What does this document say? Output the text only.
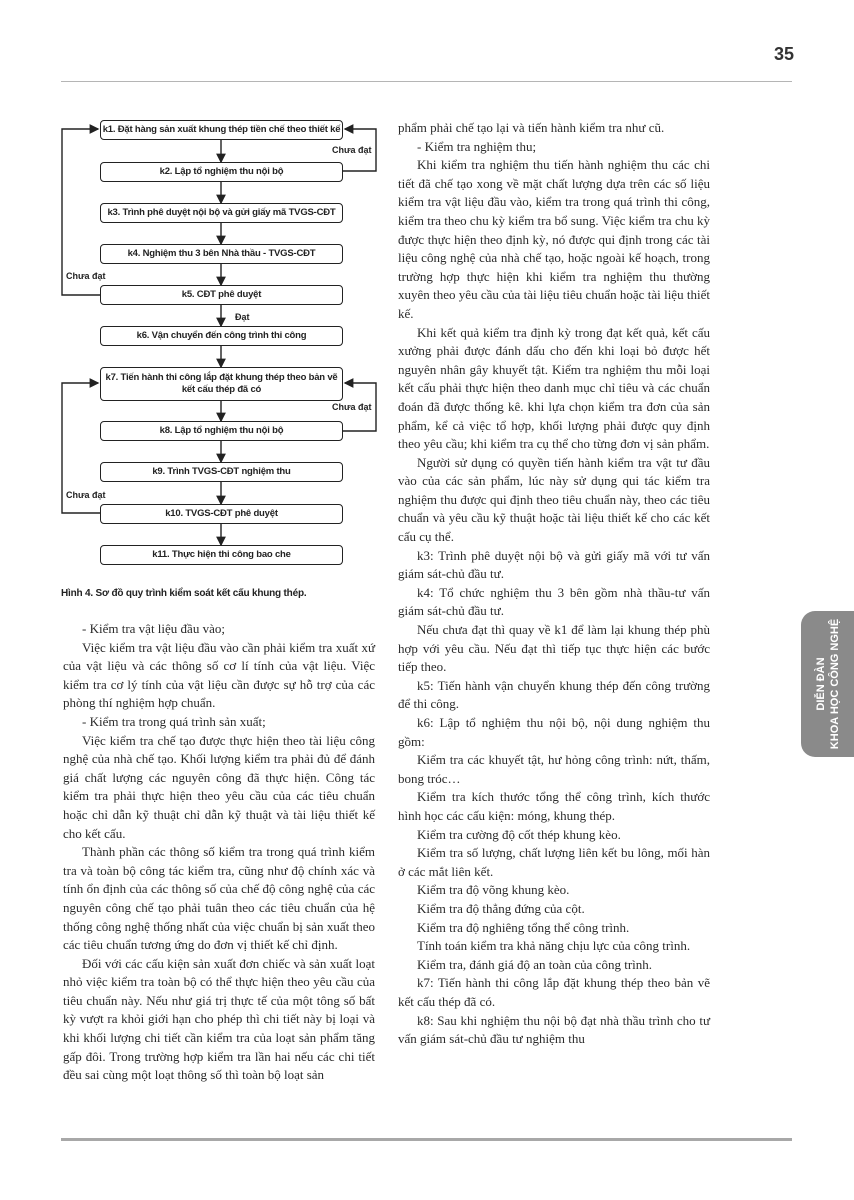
35
k1. Đặt hàng sản xuất khung thép tiền chế theo thiết kế
k2. Lập tổ nghiệm thu nội bộ
k3. Trình phê duyệt nội bộ và gửi giấy mã TVGS-CĐT
k4. Nghiệm thu 3 bên Nhà thầu - TVGS-CĐT
k5. CĐT phê duyệt
k6. Vận chuyển đến công trình thi công
k7. Tiến hành thi công lắp đặt khung thép theo bản vẽ kết cấu thép đã có
k8. Lập tổ nghiệm thu nội bộ
k9. Trình TVGS-CĐT nghiệm thu
k10. TVGS-CĐT phê duyệt
k11. Thực hiện thi công bao che
Chưa đạt
Chưa đạt
Đạt
Chưa đạt
Chưa đạt
Hình 4. Sơ đồ quy trình kiểm soát kết cấu khung thép.

- Kiểm tra vật liệu đầu vào;

Việc kiểm tra vật liệu đầu vào cần phải kiểm tra xuất xứ của vật liệu và các thông số cơ lí tính của vật liệu. Việc kiểm tra cơ lý tính của vật liệu cần được sự hỗ trợ của các phòng thí nghiệm hợp chuẩn.

- Kiểm tra trong quá trình sản xuất;

Việc kiểm tra chế tạo được thực hiện theo tài liệu công nghệ của nhà chế tạo. Khối lượng kiểm tra phải đủ để đánh giá chất lượng các nguyên công đã thực hiện. Công tác kiểm tra phải thực hiện theo yêu cầu của các tiêu chuẩn hoặc chỉ dẫn kỹ thuật chỉ dẫn kỹ thuật và tài liệu thiết kế cho kết cấu.

Thành phần các thông số kiểm tra trong quá trình kiểm tra và toàn bộ công tác kiểm tra, cũng như độ chính xác và tính ổn định của các thông số của chế độ công nghệ của các nguyên công chế tạo phải tuân theo các tiêu chuẩn của hệ thống công nghệ thống nhất của việc chuẩn bị sản xuất theo các tiêu chuẩn tương ứng do đơn vị thiết kế chỉ định.

Đối với các cấu kiện sản xuất đơn chiếc và sản xuất loạt nhỏ việc kiểm tra toàn bộ có thể thực hiện theo yêu cầu của tiêu chuẩn này. Nếu như giá trị thực tế của một tông số bất kỳ vượt ra khỏi giới hạn cho phép thì chi tiết này bị loại và khi khối lượng chi tiết cần kiểm tra của loạt sản phẩm tăng gấp đôi. Trong trường hợp kiểm tra lần hai nếu các chi tiết đều sai cùng một loạt thông số thì toàn bộ loạt sản

phẩm phải chế tạo lại và tiến hành kiểm tra như cũ.

- Kiểm tra nghiệm thu;

Khi kiểm tra nghiệm thu tiến hành nghiệm thu các chi tiết đã chế tạo xong về mặt chất lượng dựa trên các số liệu kiểm tra vật liệu đầu vào, kiểm tra trong quá trình thi công, kiểm tra theo chu kỳ kiểm tra bổ sung. Việc kiểm tra chu kỳ được thực hiện theo định kỳ, nó được qui định trong các tài liệu công nghệ của nhà chế tạo, hoặc ngoài kế hoạch, trong trường hợp thực hiện khi kiểm tra nghiệm thu thường xuyên theo yêu cầu của tài liệu tiêu chuẩn hoặc tài liệu thiết kế.

Khi kết quả kiểm tra định kỳ trong đạt kết quả, kết cấu xưởng phải được đánh dấu cho đến khi loại bỏ được hết nguyên nhân gây khuyết tật. Kiểm tra nghiệm thu mỗi loại kết cấu phải thực hiện theo danh mục chỉ tiêu và các chuẩn đoán đã được thống kê. khi lựa chọn kiểm tra đơn của sản phẩm, kể cả việc tổ hợp, khối lượng phải được quy định theo yêu cầu; khi kiểm tra cụ thể cho từng đơn vị sản phẩm.

Người sử dụng có quyền tiến hành kiểm tra vật tư đầu vào của các sản phẩm, lúc này sử dụng qui tác kiểm tra nghiệm thu được qui định theo tiêu chuẩn này, theo các tiêu chuẩn và yêu cầu kỹ thuật hoặc tài liệu thiết kế cho các kết cấu cụ thể.

k3: Trình phê duyệt nội bộ và gửi giấy mã với tư vấn giám sát-chủ đầu tư.

k4: Tổ chức nghiệm thu 3 bên gồm nhà thầu-tư vấn giám sát-chủ đầu tư.

Nếu chưa đạt thì quay về k1 để làm lại khung thép phù hợp với yêu cầu. Nếu đạt thì tiếp tục thực hiện các bước tiếp theo.

k5: Tiến hành vận chuyển khung thép đến công trường để thi công.

k6: Lập tổ nghiệm thu nội bộ, nội dung nghiệm thu gồm:

Kiểm tra các khuyết tật, hư hỏng công trình: nứt, thấm, bong tróc…

Kiểm tra kích thước tổng thể công trình, kích thước hình học các cấu kiện: móng, khung thép.

Kiểm tra cường độ cốt thép khung kèo.

Kiểm tra số lượng, chất lượng liên kết bu lông, mối hàn ở các mắt liên kết.

Kiểm tra độ võng khung kèo.

Kiểm tra độ thẳng đứng của cột.

Kiểm tra độ nghiêng tổng thể công trình.

Tính toán kiểm tra khả năng chịu lực của công trình.

Kiểm tra, đánh giá độ an toàn của công trình.

k7: Tiến hành thi công lắp đặt khung thép theo bản vẽ kết cấu thép đã có.

k8: Sau khi nghiệm thu nội bộ đạt nhà thầu trình cho tư vấn giám sát-chủ đầu tư nghiệm thu

DIỄN ĐÀN KHOA HỌC CÔNG NGHỆ
